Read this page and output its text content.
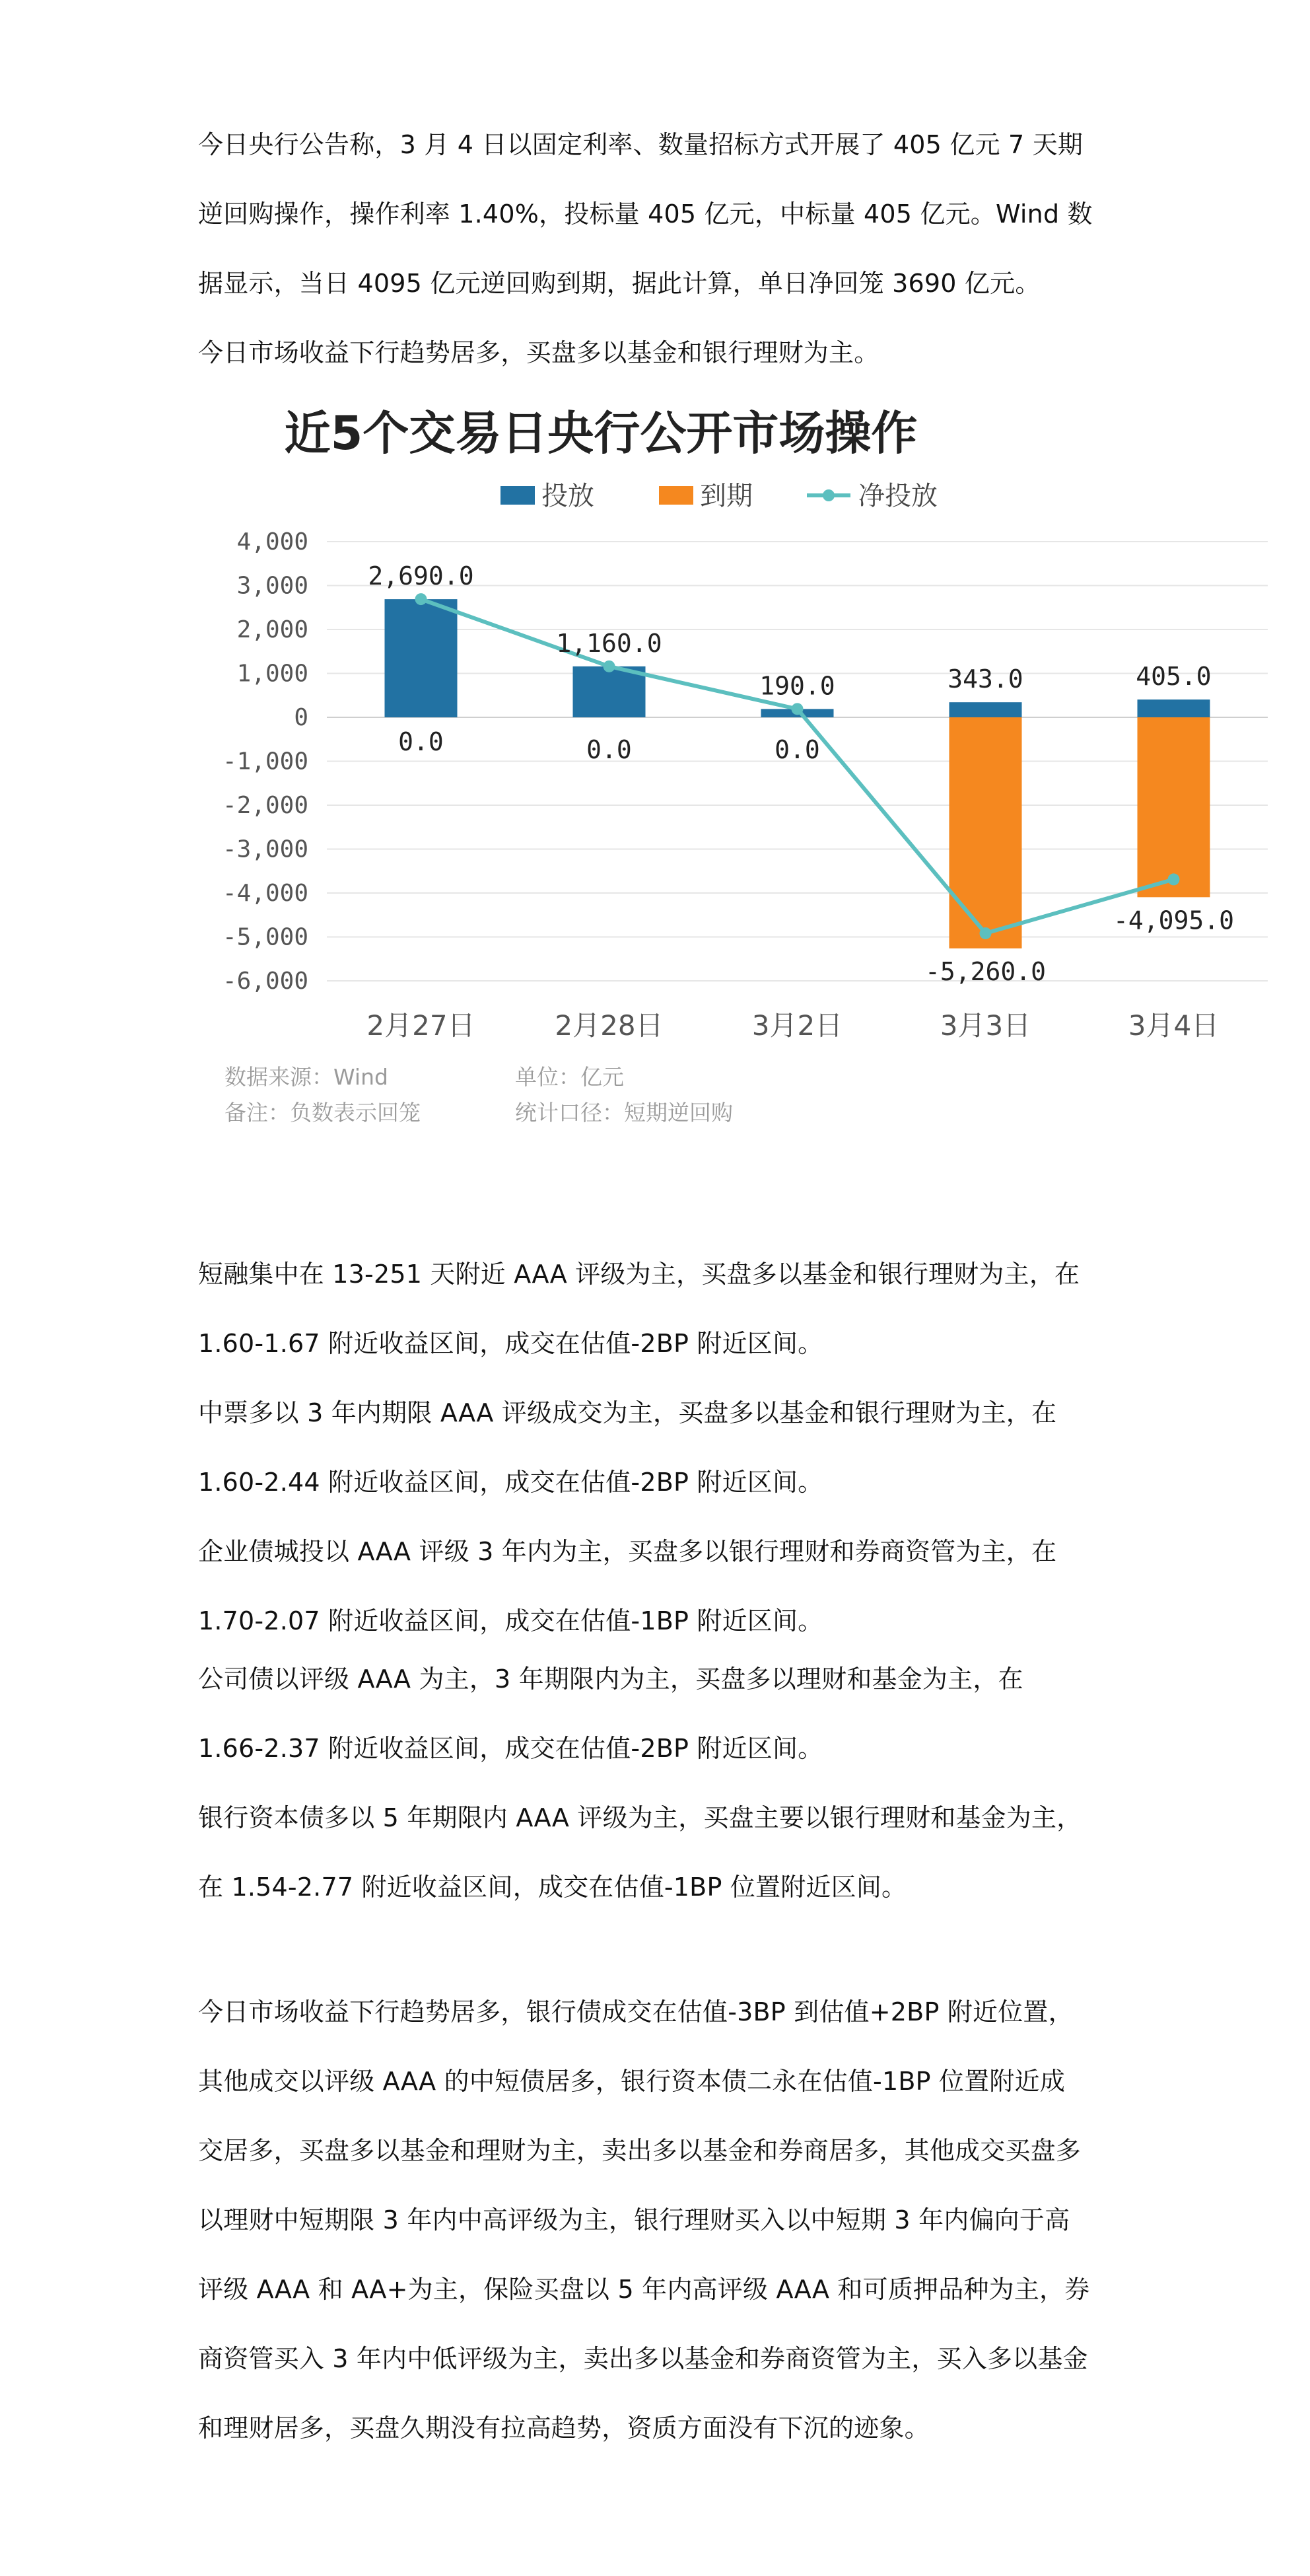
今日央行公告称，3 月 4 日以固定利率、数量招标方式开展了 405 亿元 7 天期
逆回购操作，操作利率 1.40%，投标量 405 亿元，中标量 405 亿元。Wind 数
据显示，当日 4095 亿元逆回购到期，据此计算，单日净回笼 3690 亿元。

今日市场收益下行趋势居多，买盘多以基金和银行理财为主。

近5个交易日央行公开市场操作
投放	到期	净投放
4,000
3,000
2,000
1,000
0
-1,000
-2,000
-3,000
-4,000
-5,000
-6,000
2,690.0
1,160.0
190.0	343.0	405.0
0.0	0.0	0.0
-5,260.0
-4,095.0
2月27日	2月28日	3月2日	3月3日	3月4日
数据来源：Wind
备注：负数表示回笼
单位：亿元
统计口径：短期逆回购

短融集中在 13-251 天附近 AAA 评级为主，买盘多以基金和银行理财为主，在
1.60-1.67 附近收益区间，成交在估值-2BP 附近区间。

中票多以 3 年内期限 AAA 评级成交为主，买盘多以基金和银行理财为主，在
1.60-2.44 附近收益区间，成交在估值-2BP 附近区间。

企业债城投以 AAA 评级 3 年内为主，买盘多以银行理财和券商资管为主，在
1.70-2.07 附近收益区间，成交在估值-1BP 附近区间。

公司债以评级 AAA 为主，3 年期限内为主，买盘多以理财和基金为主，在
1.66-2.37 附近收益区间，成交在估值-2BP 附近区间。

银行资本债多以 5 年期限内 AAA 评级为主，买盘主要以银行理财和基金为主，
在 1.54-2.77 附近收益区间，成交在估值-1BP 位置附近区间。

今日市场收益下行趋势居多，银行债成交在估值-3BP 到估值+2BP 附近位置，
其他成交以评级 AAA 的中短债居多，银行资本债二永在估值-1BP 位置附近成
交居多，买盘多以基金和理财为主，卖出多以基金和券商居多，其他成交买盘多
以理财中短期限 3 年内中高评级为主，银行理财买入以中短期 3 年内偏向于高
评级 AAA 和 AA+为主，保险买盘以 5 年内高评级 AAA 和可质押品种为主，券
商资管买入 3 年内中低评级为主，卖出多以基金和券商资管为主，买入多以基金
和理财居多，买盘久期没有拉高趋势，资质方面没有下沉的迹象。
